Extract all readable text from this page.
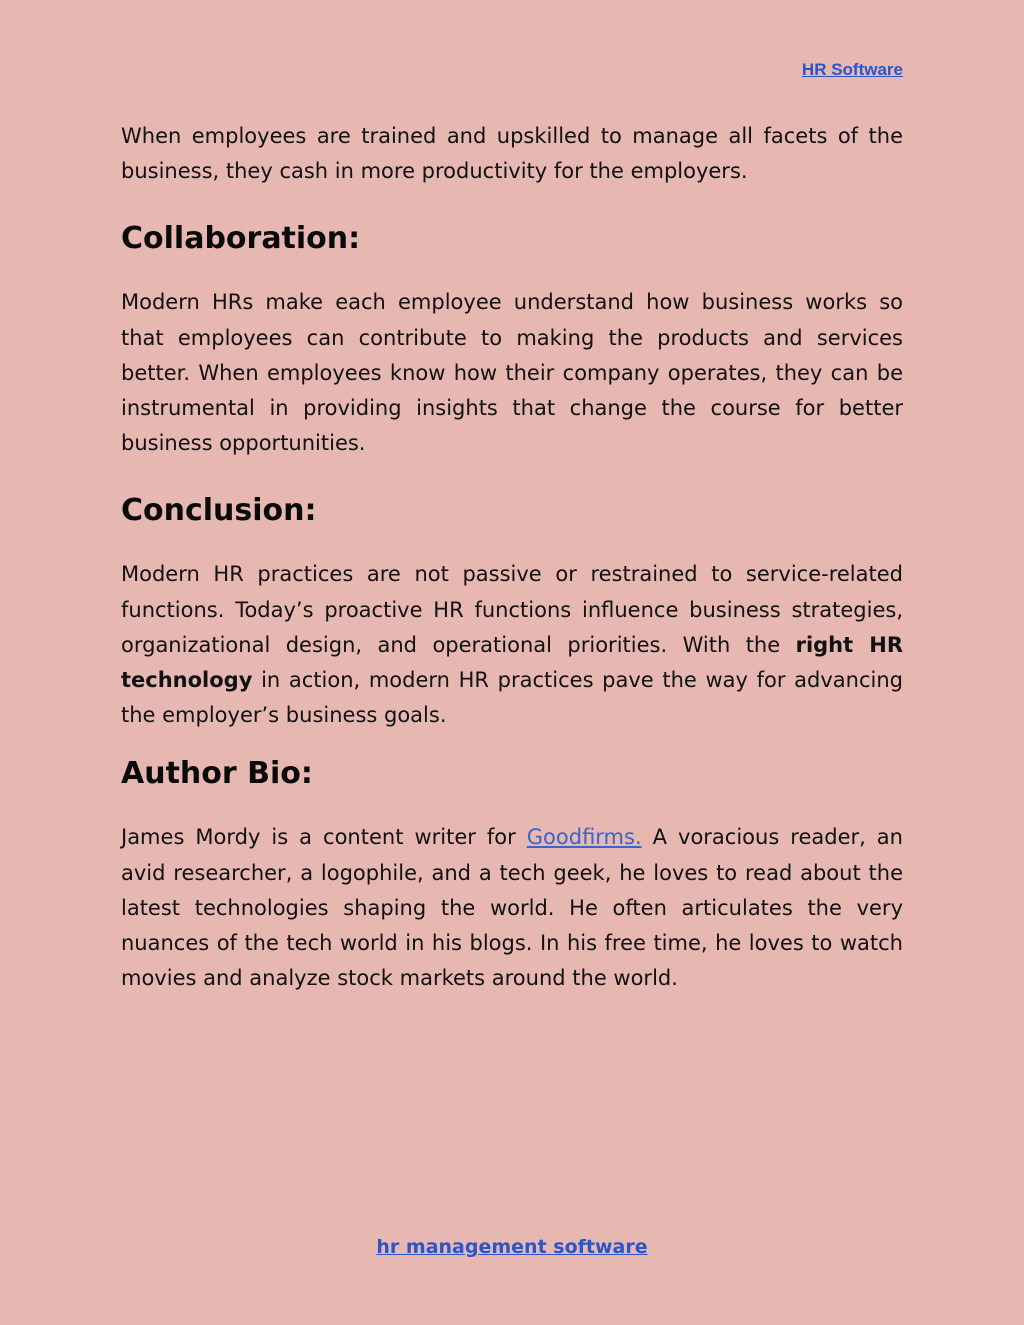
HR Software

When employees are trained and upskilled to manage all facets of the business, they cash in more productivity for the employers.

Collaboration:

Modern HRs make each employee understand how business works so that employees can contribute to making the products and services better. When employees know how their company operates, they can be instrumental in providing insights that change the course for better business opportunities.

Conclusion:

Modern HR practices are not passive or restrained to service-related functions. Today’s proactive HR functions influence business strategies, organizational design, and operational priorities. With the right HR technology in action, modern HR practices pave the way for advancing the employer’s business goals.

Author Bio:

James Mordy is a content writer for Goodfirms. A voracious reader, an avid researcher, a logophile, and a tech geek, he loves to read about the latest technologies shaping the world. He often articulates the very nuances of the tech world in his blogs. In his free time, he loves to watch movies and analyze stock markets around the world.

hr management software
